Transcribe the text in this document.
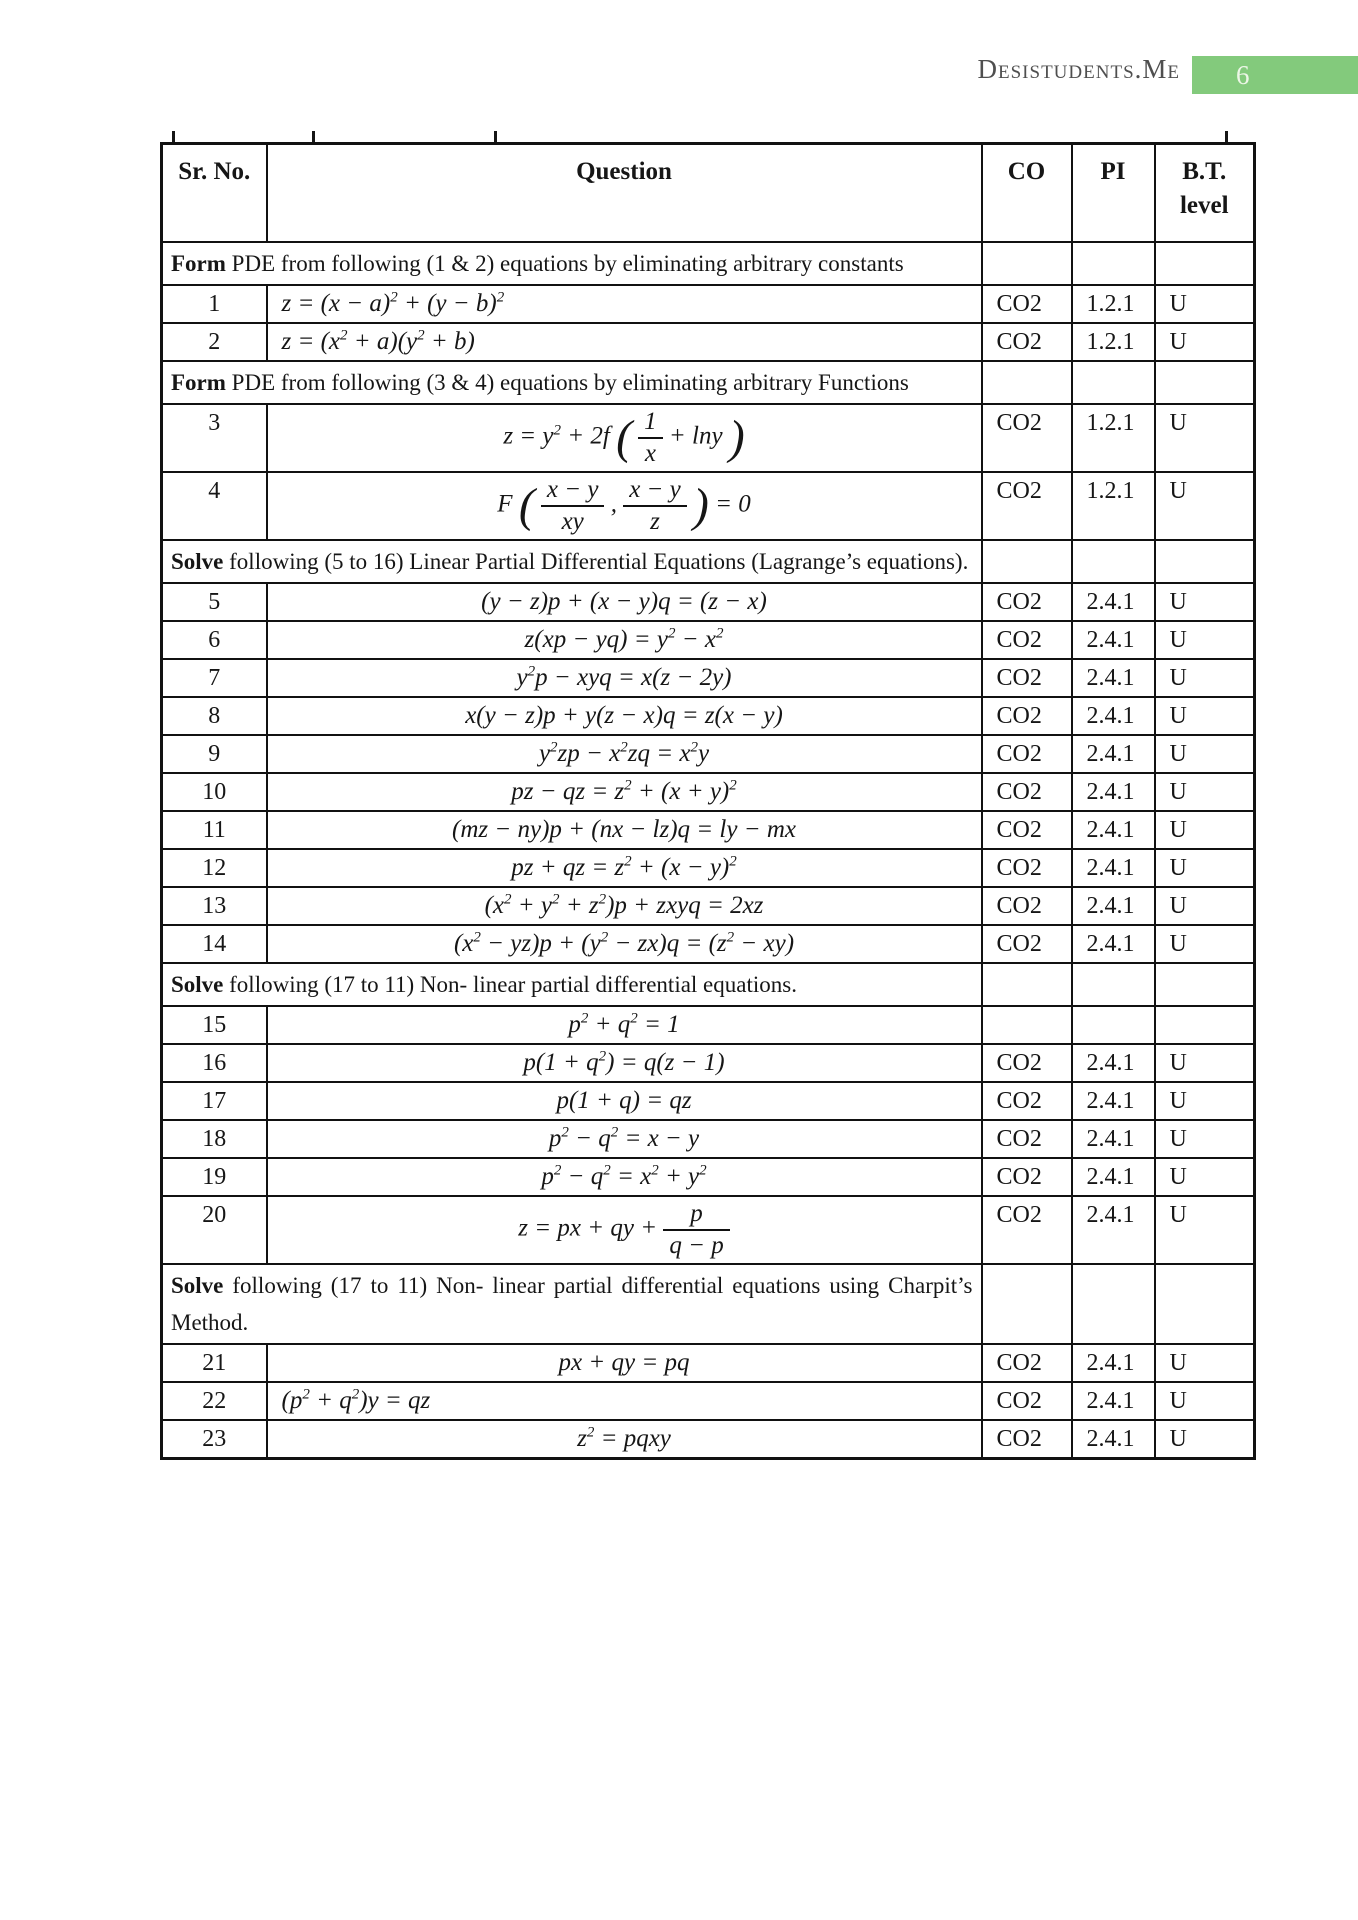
Desistudents.Me	6
Sr. No.	Question	CO	PI	B.T. level
Form PDE from following (1 & 2) equations by eliminating arbitrary constants				
1	$z = (x - a)^2 + (y - b)^2$	CO2	1.2.1	U
2	$z = (x^2 + a)(y^2 + b)$	CO2	1.2.1	U
Form PDE from following (3 & 4) equations by eliminating arbitrary Functions				
3	$z = y^2 + 2f$ ( $\frac{1}{x} + \ln y$ )	CO2	1.2.1	U
4	F ( $\frac{x - y}{xy}$ , $\frac{x - y}{z}$ ) = 0	CO2	1.2.1	U
Solve following (5 to 16) Linear Partial Differential Equations (Lagrange’s equations).				
5	(y − z)p + (x − y)q = (z − x)	CO2	2.4.1	U
6	$z(xp - yq) = y^2 - x^2$	CO2	2.4.1	U
7	$y^2p$ − xyq = x(z − 2y)	CO2	2.4.1	U
8	x(y − z)p + y(z − x)q = z(x − y)	CO2	2.4.1	U
9	$y^2zp - x^2zq = x^2y$	CO2	2.4.1	U
10	pz − qz = $z^2 + (x + y)^2$	CO2	2.4.1	U
11	(mz − ny)p + (nx − lz)q = ly − mx	CO2	2.4.1	U
12	pz + qz = $z^2 + (x - y)^2$	CO2	2.4.1	U
13	$(x^2 + y^2 + z^2)p$ + zxyq = 2xz	CO2	2.4.1	U
14	$(x^2 - yz)p + (y^2 - zx)q = (z^2 - xy)$	CO2	2.4.1	U
Solve following (17 to 11) Non- linear partial differential equations.				
15	$p^2 + q^2 = 1$			
16	$p(1 + q^2) = q(z - 1)$	CO2	2.4.1	U
17	p(1 + q) = qz	CO2	2.4.1	U
18	$p^2 - q^2 = x - y$	CO2	2.4.1	U
19	$p^2 - q^2 = x^2 + y^2$	CO2	2.4.1	U
20	z = px + qy + $\frac{p}{q - p}$	CO2	2.4.1	U
Solve following (17 to 11) Non- linear partial differential equations using Charpit’s Method.				
21	px + qy = pq	CO2	2.4.1	U
22	$(p^2 + q^2)y$ = qz	CO2	2.4.1	U
23	$z^2$ = pqxy	CO2	2.4.1	U
